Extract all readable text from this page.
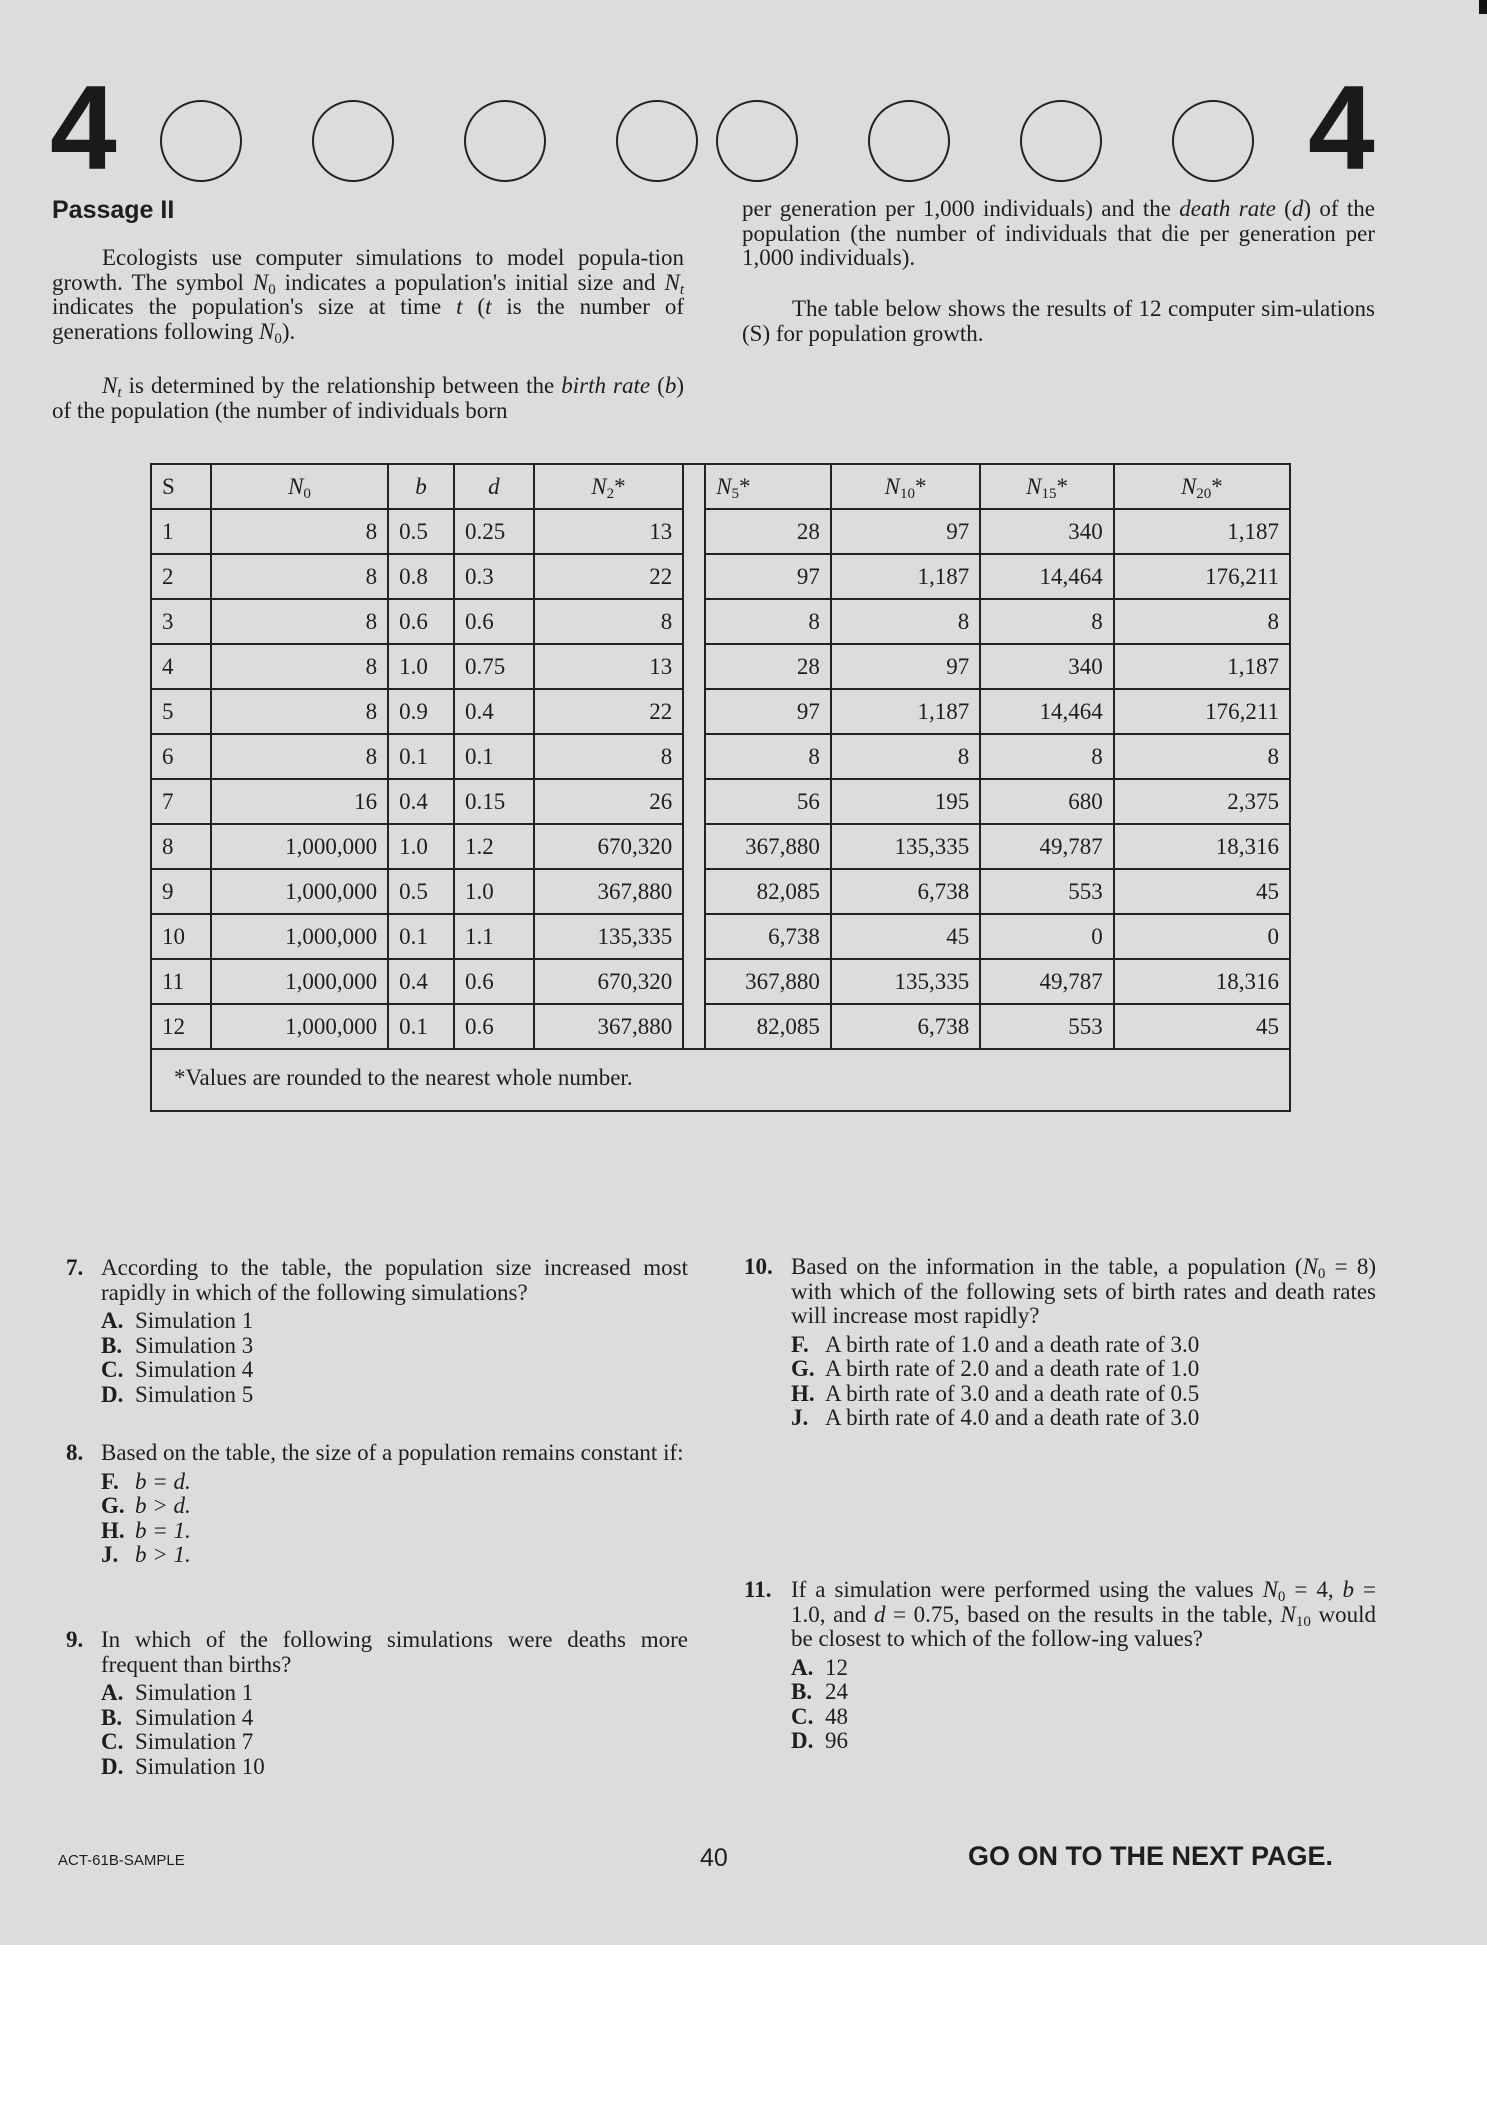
4	4
Passage II

Ecologists use computer simulations to model popula-tion growth. The symbol $N_0$ indicates a population's initial size and $N_t$ indicates the population's size at time t (t is the number of generations following $N_0$).

$N_t$ is determined by the relationship between the birth rate (b) of the population (the number of individuals born

per generation per 1,000 individuals) and the death rate (d) of the population (the number of individuals that die per generation per 1,000 individuals).

The table below shows the results of 12 computer sim-ulations (S) for population growth.

S	$N_0$	b	d	$N_2*$		$N_5*$	$N_{10}*$	$N_{15}*$	$N_{20}*$
1	8	0.5	0.25	13		28	97	340	1,187
2	8	0.8	0.3	22		97	1,187	14,464	176,211
3	8	0.6	0.6	8		8	8	8	8
4	8	1.0	0.75	13		28	97	340	1,187
5	8	0.9	0.4	22		97	1,187	14,464	176,211
6	8	0.1	0.1	8		8	8	8	8
7	16	0.4	0.15	26		56	195	680	2,375
8	1,000,000	1.0	1.2	670,320		367,880	135,335	49,787	18,316
9	1,000,000	0.5	1.0	367,880		82,085	6,738	553	45
10	1,000,000	0.1	1.1	135,335		6,738	45	0	0
11	1,000,000	0.4	0.6	670,320		367,880	135,335	49,787	18,316
12	1,000,000	0.1	0.6	367,880		82,085	6,738	553	45

*Values are rounded to the nearest whole number.
7. According to the table, the population size increased most rapidly in which of the following simulations?
A. Simulation 1
B. Simulation 3
C. Simulation 4
D. Simulation 5
8. Based on the table, the size of a population remains constant if:
F. b = d.
G. b > d.
H. b = 1.
J. b > 1.
9. In which of the following simulations were deaths more frequent than births?
A. Simulation 1
B. Simulation 4
C. Simulation 7
D. Simulation 10
10. Based on the information in the table, a population $(N_0 = 8)$ with which of the following sets of birth rates and death rates will increase most rapidly?
F. A birth rate of 1.0 and a death rate of 3.0
G. A birth rate of 2.0 and a death rate of 1.0
H. A birth rate of 3.0 and a death rate of 0.5
J. A birth rate of 4.0 and a death rate of 3.0
11. If a simulation were performed using the values $N_0 = 4$, b = 1.0, and d = 0.75, based on the results in the table, $N_{10}$ would be closest to which of the follow-ing values?
A. 12
B. 24
C. 48
D. 96
ACT-61B-SAMPLE	40	GO ON TO THE NEXT PAGE.
